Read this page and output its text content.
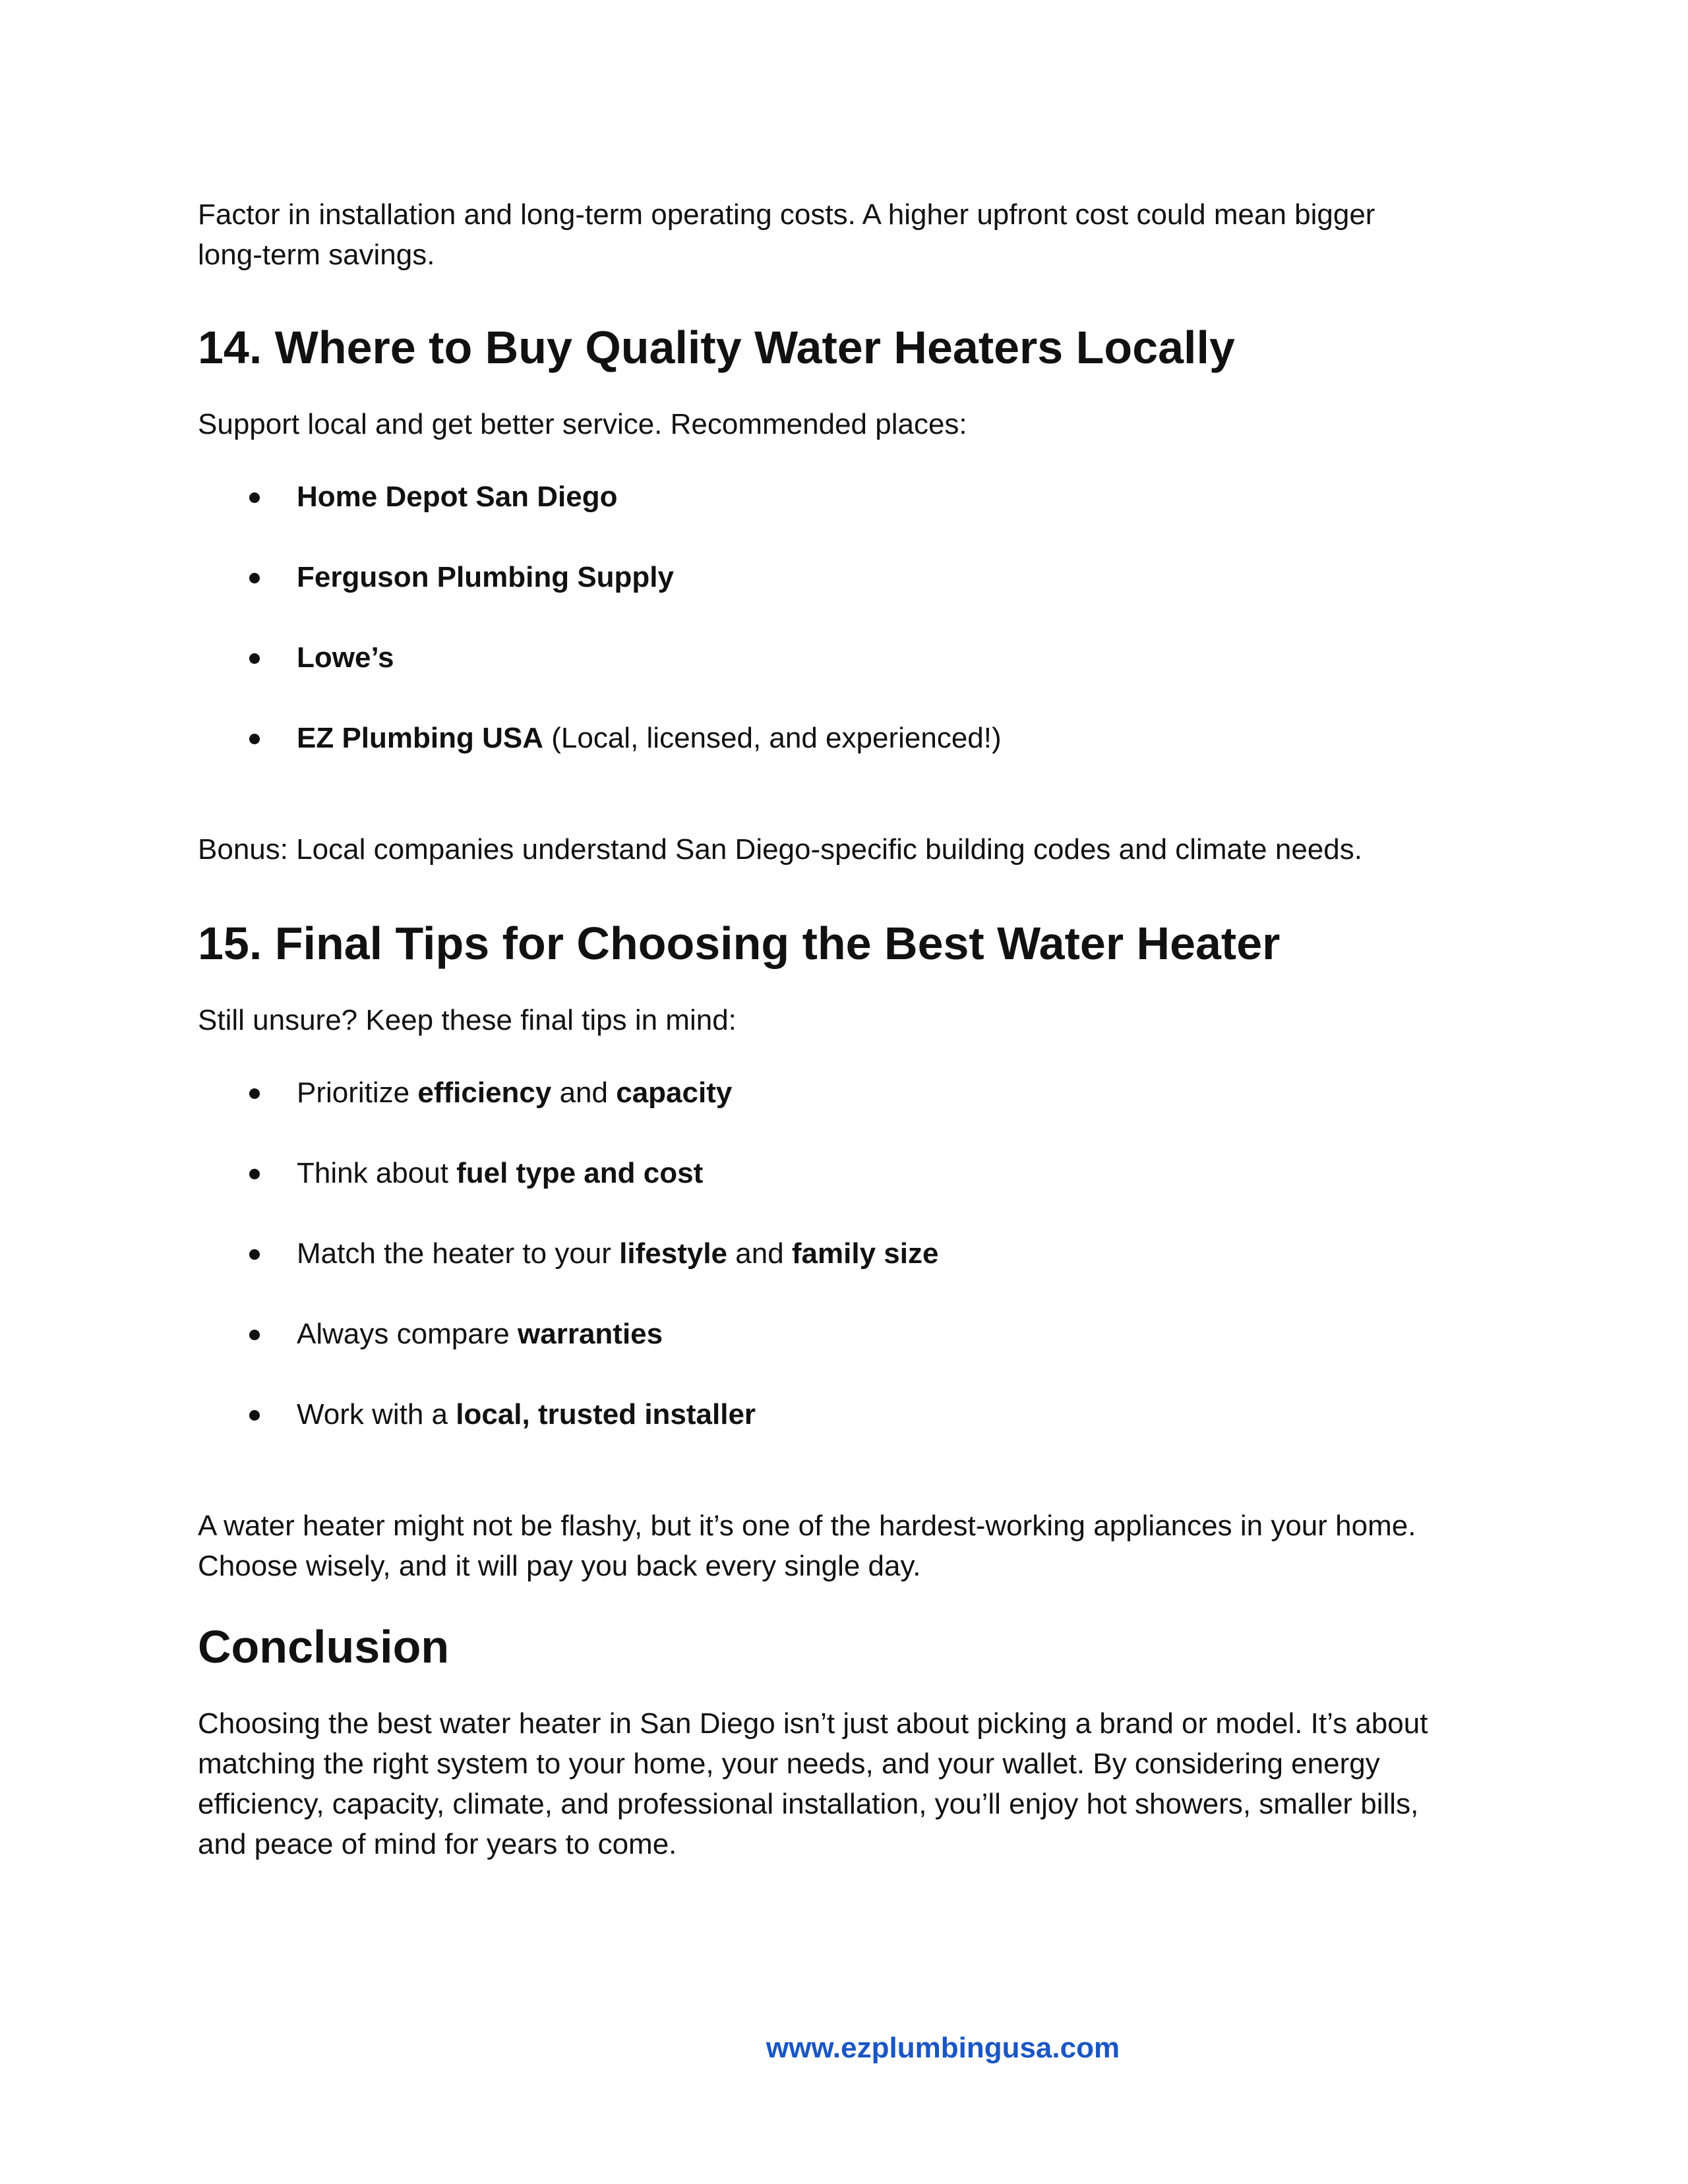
Factor in installation and long-term operating costs. A higher upfront cost could mean bigger
long-term savings.

14. Where to Buy Quality Water Heaters Locally

Support local and get better service. Recommended places:

Home Depot San Diego
Ferguson Plumbing Supply
Lowe’s
EZ Plumbing USA (Local, licensed, and experienced!)

Bonus: Local companies understand San Diego-specific building codes and climate needs.

15. Final Tips for Choosing the Best Water Heater

Still unsure? Keep these final tips in mind:

Prioritize efficiency and capacity
Think about fuel type and cost
Match the heater to your lifestyle and family size
Always compare warranties
Work with a local, trusted installer

A water heater might not be flashy, but it’s one of the hardest-working appliances in your home.
Choose wisely, and it will pay you back every single day.

Conclusion

Choosing the best water heater in San Diego isn’t just about picking a brand or model. It’s about
matching the right system to your home, your needs, and your wallet. By considering energy
efficiency, capacity, climate, and professional installation, you’ll enjoy hot showers, smaller bills,
and peace of mind for years to come.

www.ezplumbingusa.com
